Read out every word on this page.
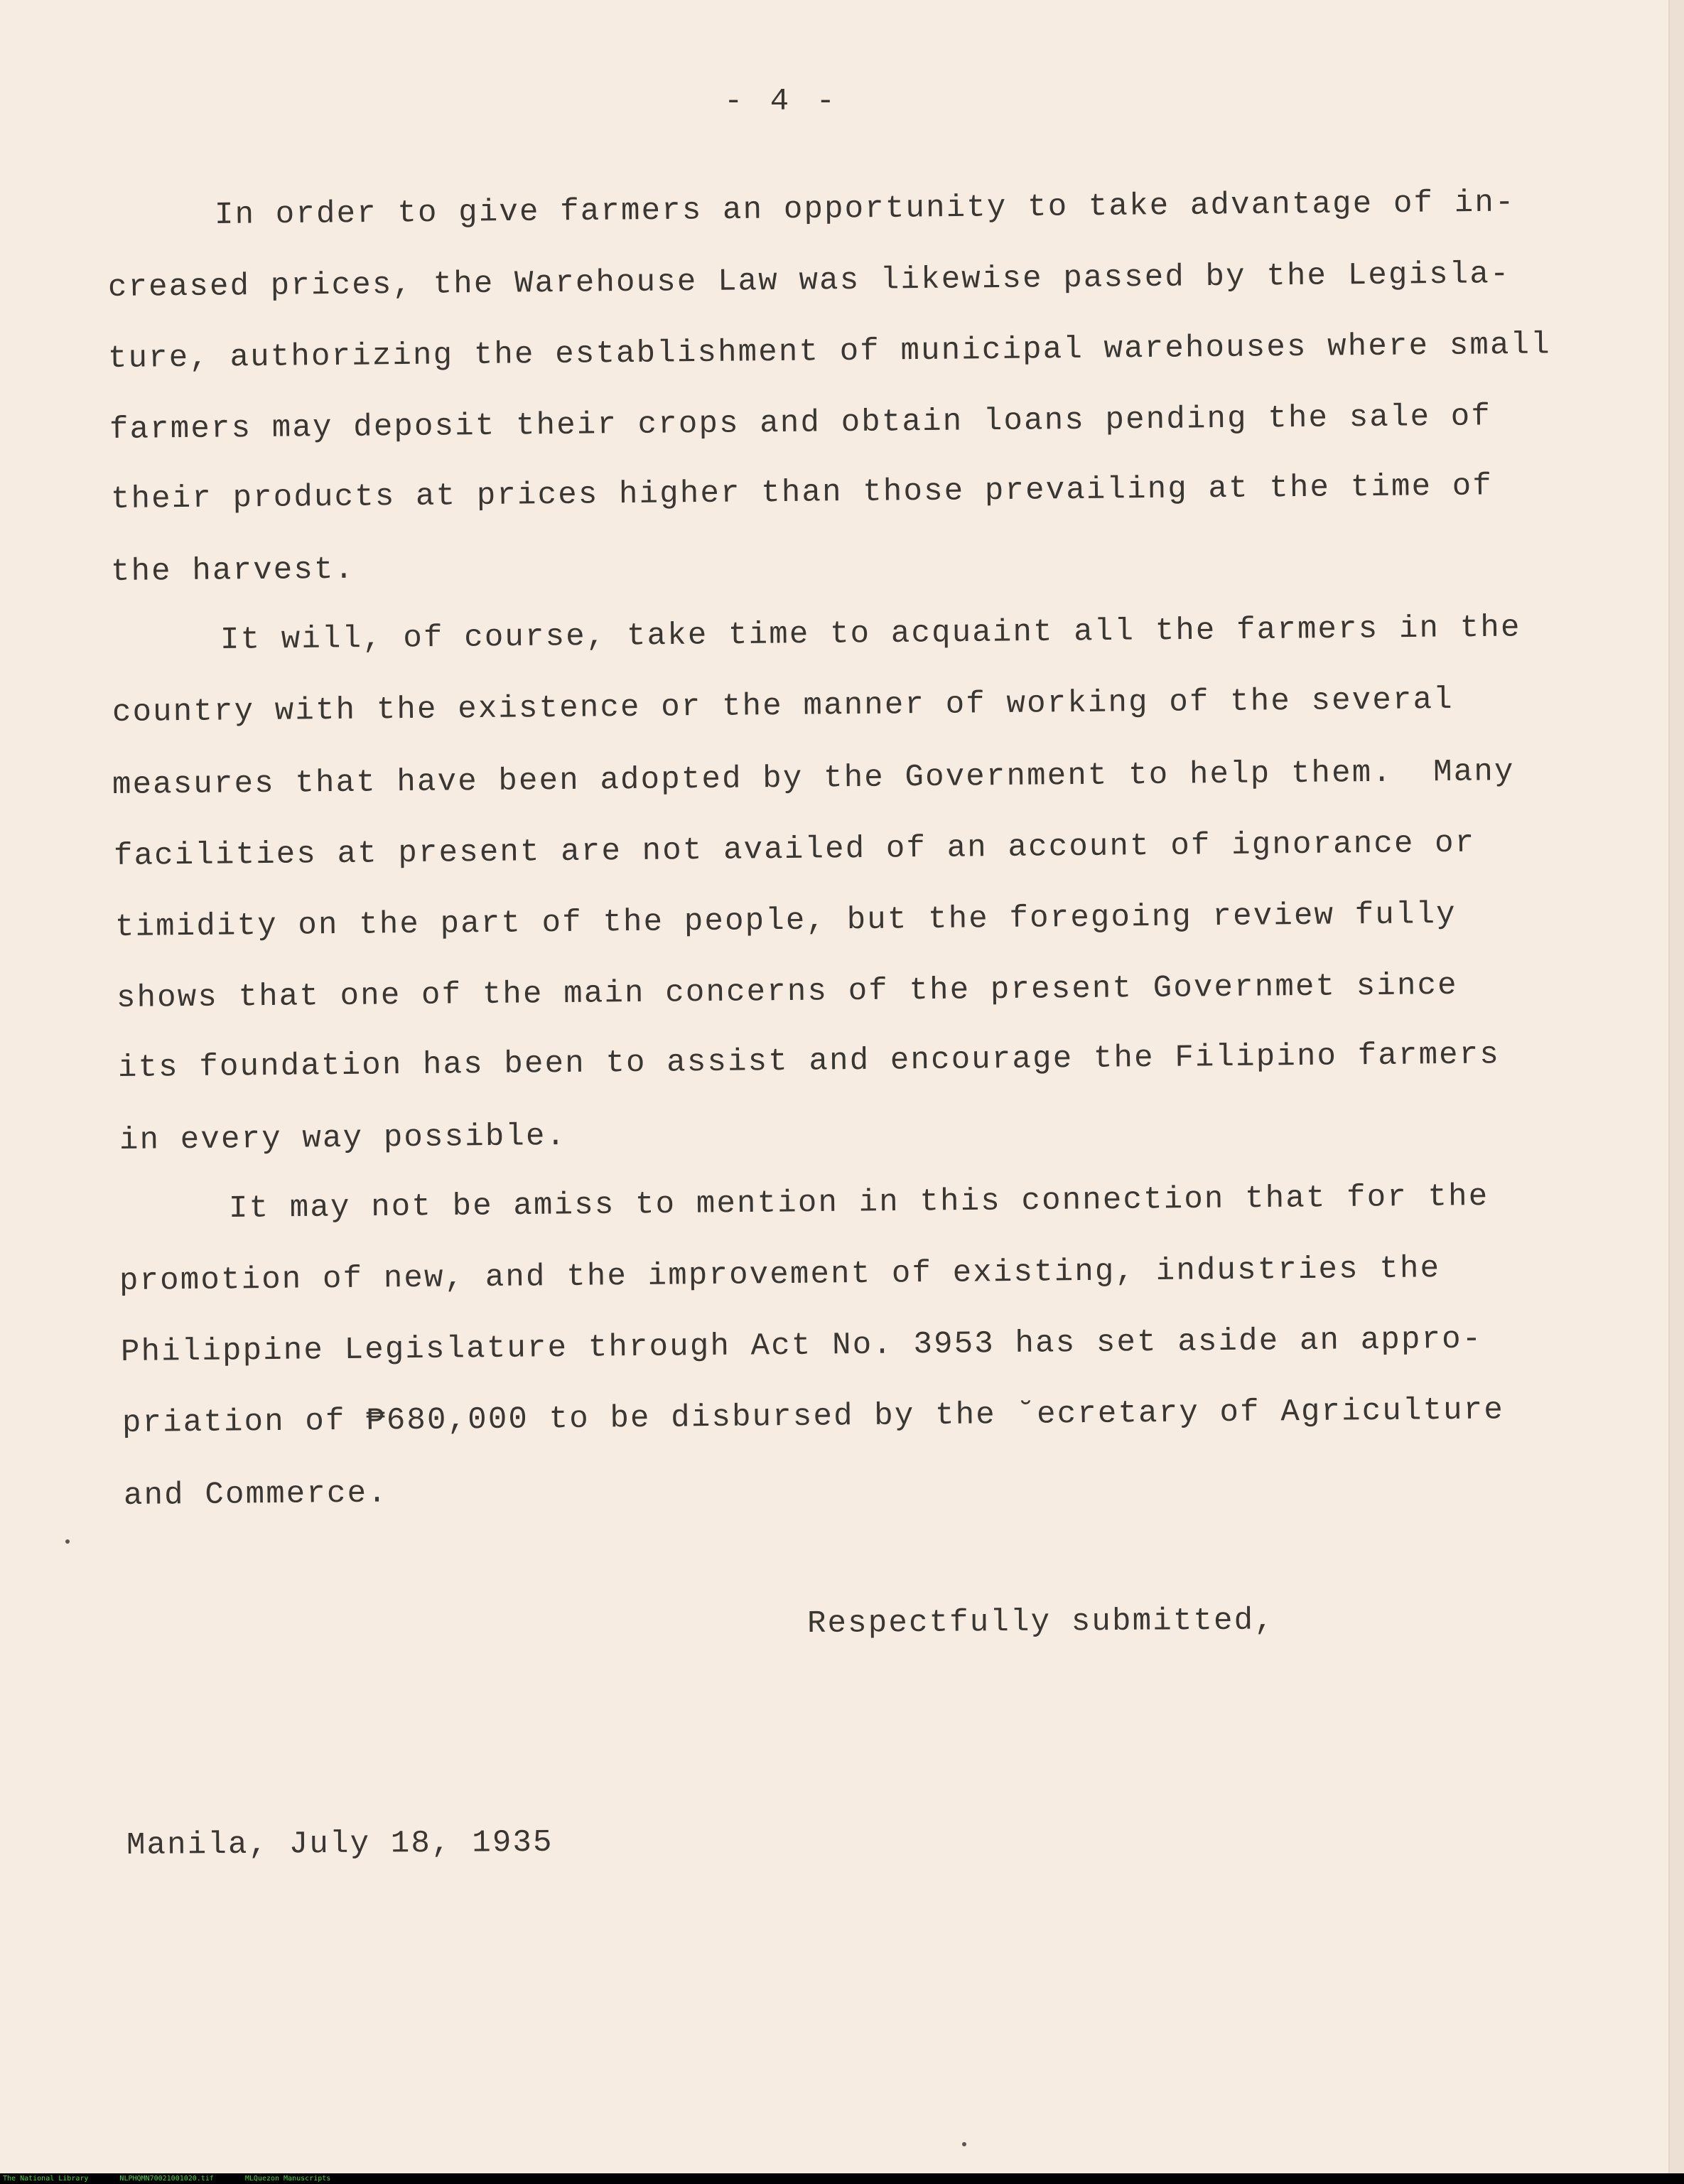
- 4 -
In order to give farmers an opportunity to take advantage of in-
creased prices, the Warehouse Law was likewise passed by the Legisla-
ture, authorizing the establishment of municipal warehouses where small
farmers may deposit their crops and obtain loans pending the sale of
their products at prices higher than those prevailing at the time of
the harvest.
It will, of course, take time to acquaint all the farmers in the
country with the existence or the manner of working of the several
measures that have been adopted by the Government to help them.  Many
facilities at present are not availed of an account of ignorance or
timidity on the part of the people, but the foregoing review fully
shows that one of the main concerns of the present Governmet since
its foundation has been to assist and encourage the Filipino farmers
in every way possible.
It may not be amiss to mention in this connection that for the
promotion of new, and the improvement of existing, industries the
Philippine Legislature through Act No. 3953 has set aside an appro-
priation of ₱680,000 to be disbursed by the ˘ecretary of Agriculture
and Commerce.
Respectfully submitted,
Manila, July 18, 1935
The National Library	NLPHQMN70021001020.tif	MLQuezon Manuscripts
